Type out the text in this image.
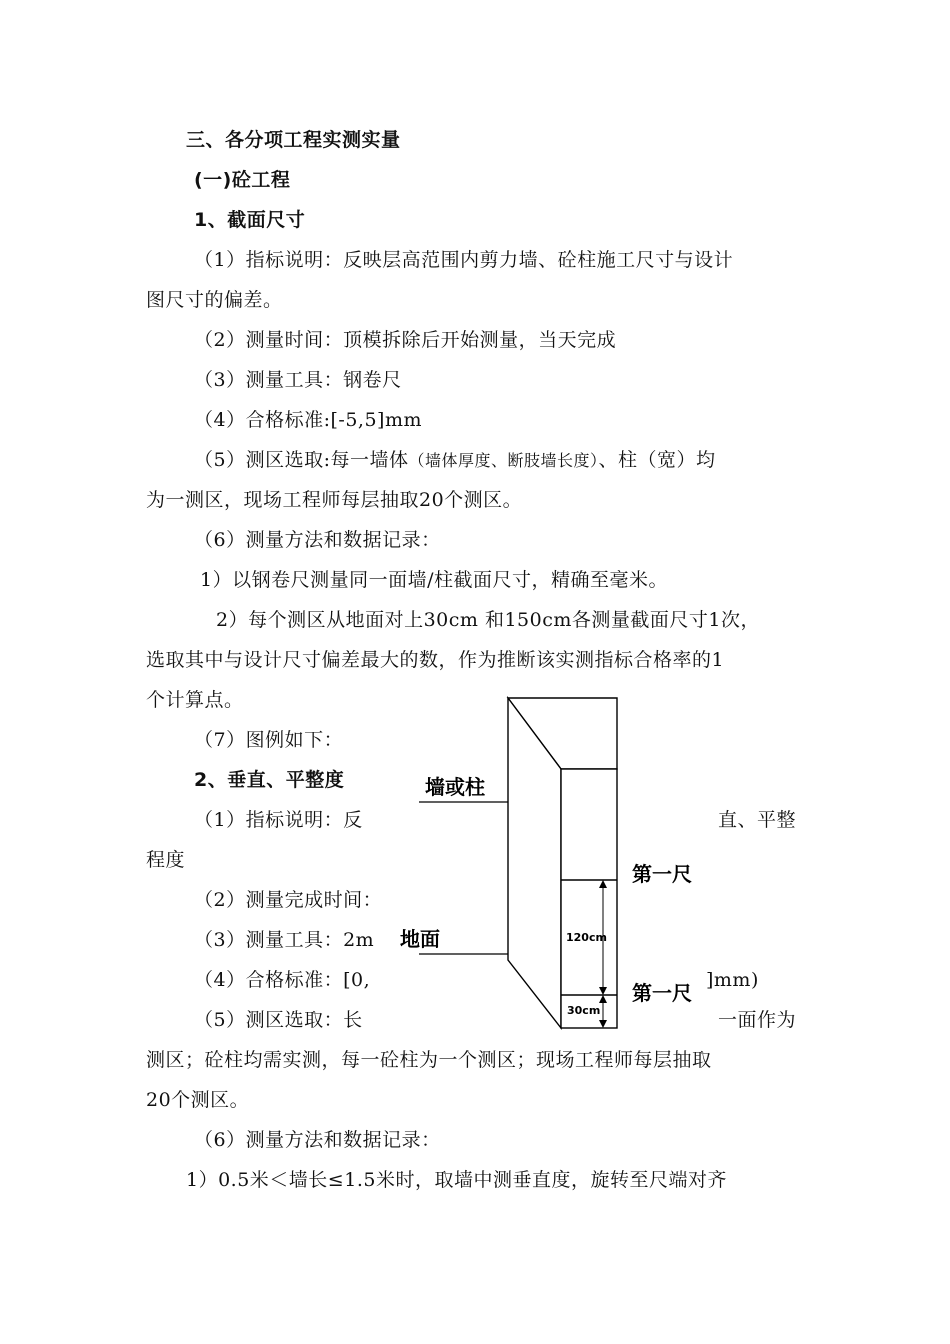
三、各分项工程实测实量
(一)砼工程
1、截面尺寸
（1）指标说明：反映层高范围内剪力墙、砼柱施工尺寸与设计
图尺寸的偏差。
（2）测量时间：顶模拆除后开始测量，当天完成
（3）测量工具：钢卷尺
（4）合格标准:[-5,5]mm
（5）测区选取:每一墙体（墙体厚度、断肢墙长度）、柱（宽）均
为一测区，现场工程师每层抽取20个测区。
（6）测量方法和数据记录：
1）以钢卷尺测量同一面墙/柱截面尺寸，精确至毫米。
2）每个测区从地面对上30cm 和150cm各测量截面尺寸1次，
选取其中与设计尺寸偏差最大的数，作为推断该实测指标合格率的1
个计算点。
（7）图例如下：
2、垂直、平整度
（1）指标说明：反	直、平整
程度
（2）测量完成时间：
（3）测量工具：2m
（4）合格标准：[0,	]mm)
（5）测区选取：长	一面作为
测区；砼柱均需实测，每一砼柱为一个测区；现场工程师每层抽取
20个测区。
（6）测量方法和数据记录：
1）0.5米＜墙长≤1.5米时，取墙中测垂直度，旋转至尺端对齐
墙或柱
地面
第一尺
第一尺
120cm
30cm
